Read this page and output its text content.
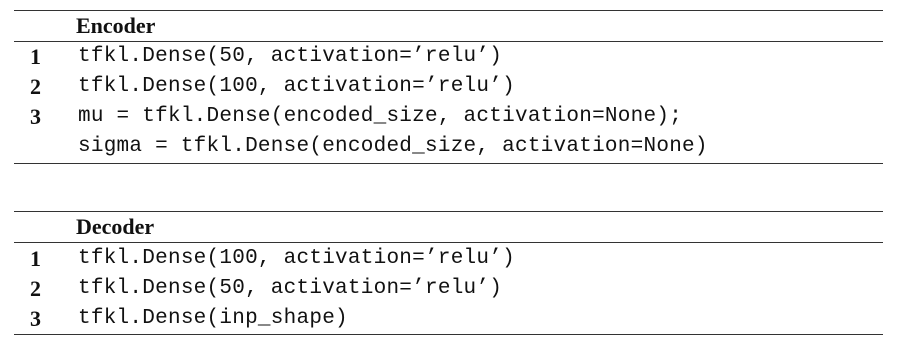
Encoder
1 tfkl.Dense(50, activation=’relu’)
2 tfkl.Dense(100, activation=’relu’)
3 mu = tfkl.Dense(encoded_size, activation=None);
sigma = tfkl.Dense(encoded_size, activation=None)
Decoder
1 tfkl.Dense(100, activation=’relu’)
2 tfkl.Dense(50, activation=’relu’)
3 tfkl.Dense(inp_shape)
